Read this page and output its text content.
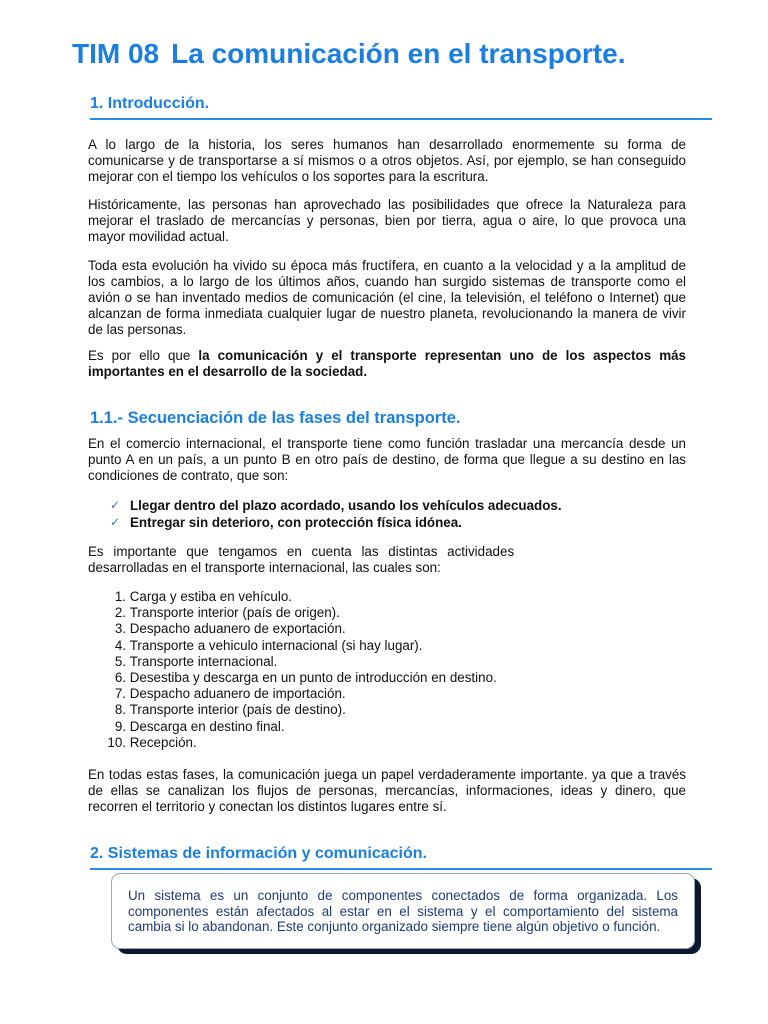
TIM 08 La comunicación en el transporte.
1. Introducción.

A lo largo de la historia, los seres humanos han desarrollado enormemente su forma de comunicarse y de transportarse a sí mismos o a otros objetos. Así, por ejemplo, se han conseguido mejorar con el tiempo los vehículos o los soportes para la escritura.

Históricamente, las personas han aprovechado las posibilidades que ofrece la Naturaleza para mejorar el traslado de mercancías y personas, bien por tierra, agua o aire, lo que provoca una mayor movilidad actual.

Toda esta evolución ha vivido su época más fructífera, en cuanto a la velocidad y a la amplitud de los cambios, a lo largo de los últimos años, cuando han surgido sistemas de transporte como el avión o se han inventado medios de comunicación (el cine, la televisión, el teléfono o Internet) que alcanzan de forma inmediata cualquier lugar de nuestro planeta, revolucionando la manera de vivir de las personas.

Es por ello que la comunicación y el transporte representan uno de los aspectos más importantes en el desarrollo de la sociedad.

1.1.- Secuenciación de las fases del transporte.

En el comercio internacional, el transporte tiene como función trasladar una mercancía desde un punto A en un país, a un punto B en otro país de destino, de forma que llegue a su destino en las condiciones de contrato, que son:

✓ Llegar dentro del plazo acordado, usando los vehículos adecuados.
✓ Entregar sin deterioro, con protección física idónea.
Es importante que tengamos en cuenta las distintas actividades
desarrolladas en el transporte internacional, las cuales son:
1.
Carga y estiba en vehículo.
2.
Transporte interior (país de origen).
3.
Despacho aduanero de exportación.
4.
Transporte a vehiculo internacional (si hay lugar).
5.
Transporte internacional.
6.
Desestiba y descarga en un punto de introducción en destino.
7.
Despacho aduanero de importación.
8.
Transporte interior (país de destino).
9.
Descarga en destino final.
10.
Recepción.

En todas estas fases, la comunicación juega un papel verdaderamente importante. ya que a través de ellas se canalizan los flujos de personas, mercancías, informaciones, ideas y dinero, que recorren el territorio y conectan los distintos lugares entre sí.

2. Sistemas de información y comunicación.

Un sistema es un conjunto de componentes conectados de forma organizada. Los componentes están afectados al estar en el sistema y el comportamiento del sistema cambia si lo abandonan. Este conjunto organizado siempre tiene algún objetivo o función.
